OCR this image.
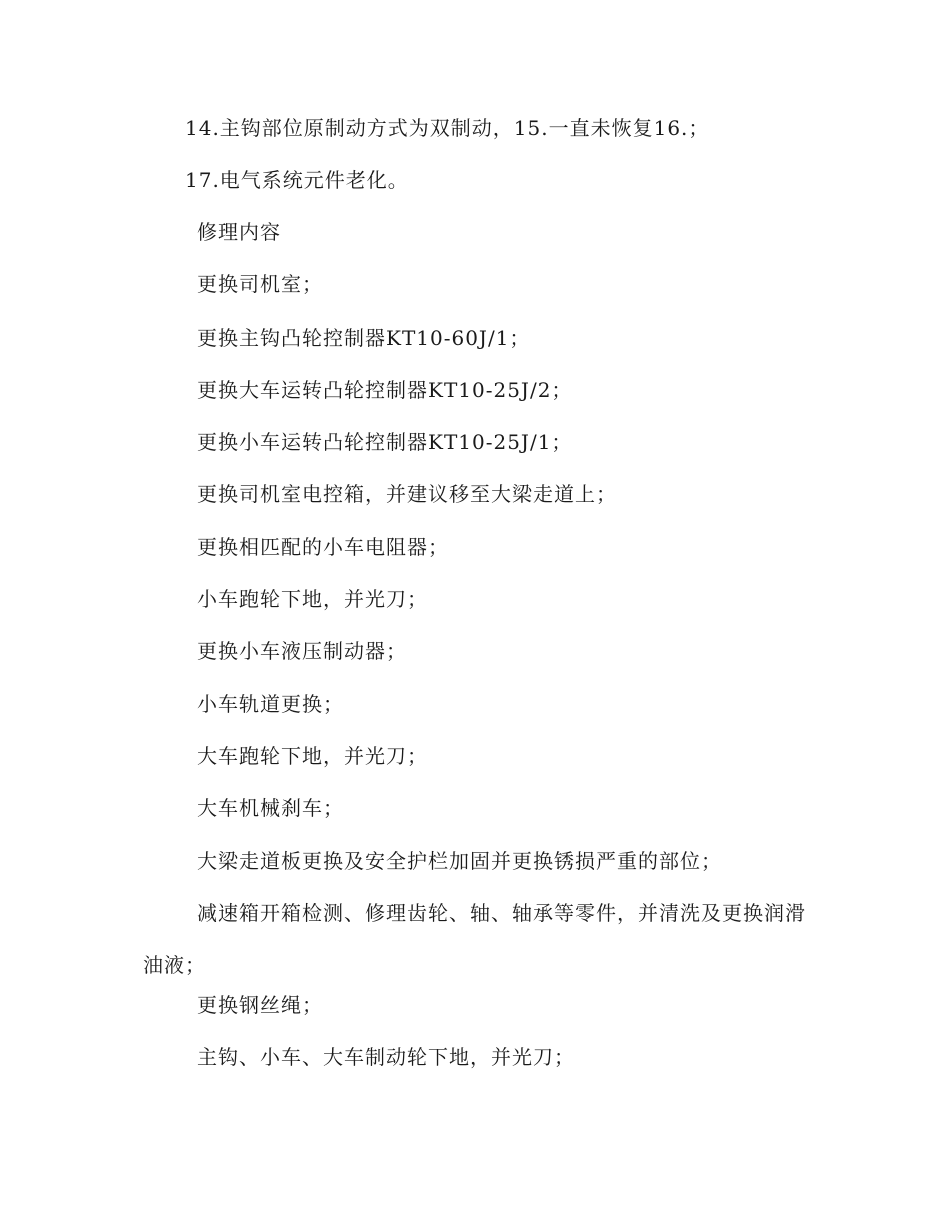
14.主钩部位原制动方式为双制动，15.一直未恢复16.；
17.电气系统元件老化。
修理内容
更换司机室；
更换主钩凸轮控制器KT10-60J/1；
更换大车运转凸轮控制器KT10-25J/2；
更换小车运转凸轮控制器KT10-25J/1；
更换司机室电控箱，并建议移至大梁走道上；
更换相匹配的小车电阻器；
小车跑轮下地，并光刀；
更换小车液压制动器；
小车轨道更换；
大车跑轮下地，并光刀；
大车机械刹车；
大梁走道板更换及安全护栏加固并更换锈损严重的部位；
减速箱开箱检测、修理齿轮、轴、轴承等零件，并清洗及更换润滑油液；
更换钢丝绳；
主钩、小车、大车制动轮下地，并光刀；
